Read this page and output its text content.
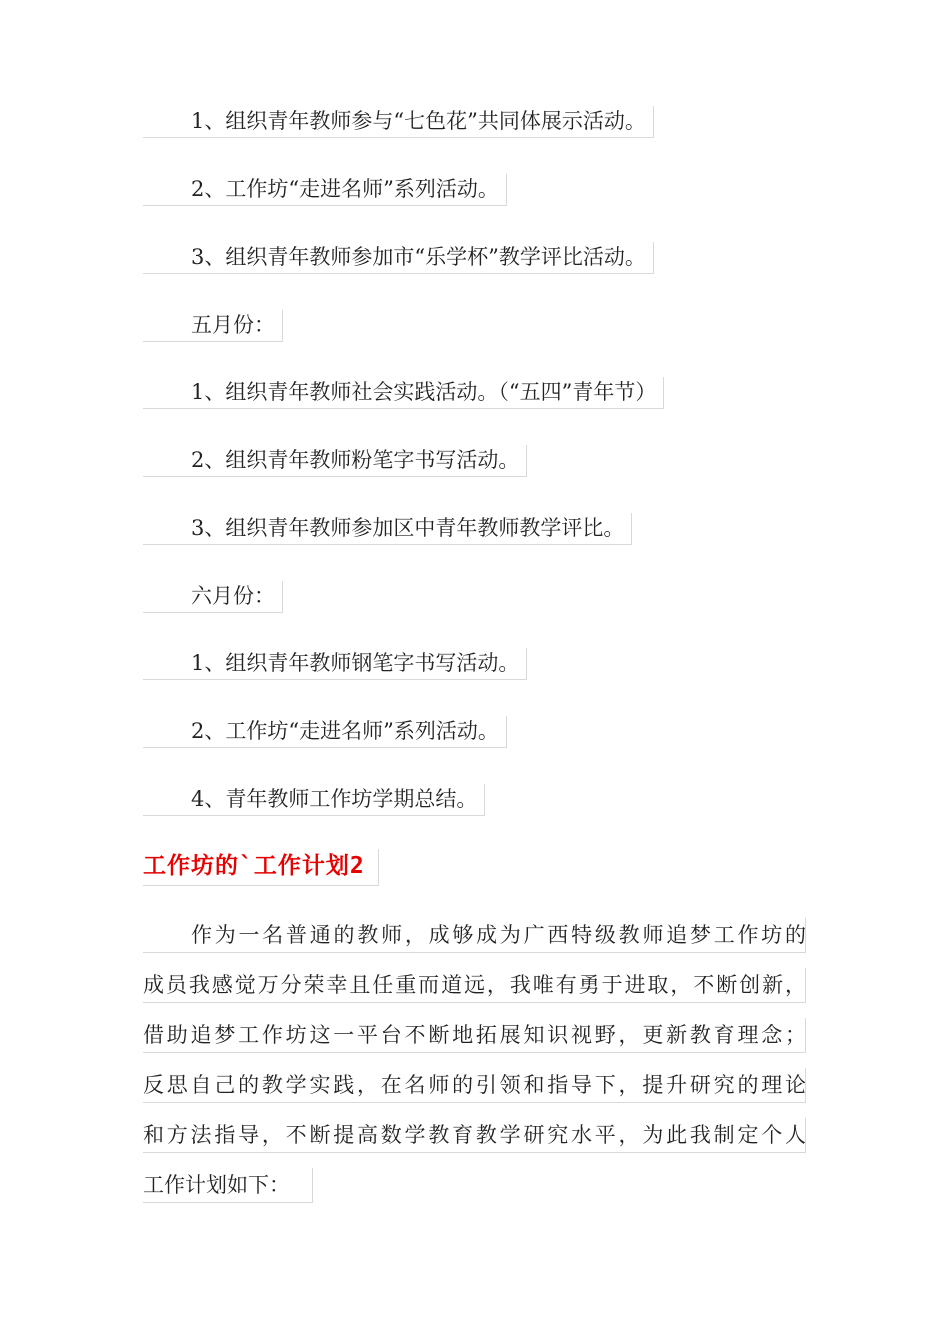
1、组织青年教师参与“七色花”共同体展示活动。
2、工作坊“走进名师”系列活动。
3、组织青年教师参加市“乐学杯”教学评比活动。
五月份：
1、组织青年教师社会实践活动。（“五四”青年节）
2、组织青年教师粉笔字书写活动。
3、组织青年教师参加区中青年教师教学评比。
六月份：
1、组织青年教师钢笔字书写活动。
2、工作坊“走进名师”系列活动。
4、青年教师工作坊学期总结。
工作坊的`工作计划2
作为一名普通的教师，成够成为广西特级教师追梦工作坊的
成员我感觉万分荣幸且任重而道远，我唯有勇于进取，不断创新，
借助追梦工作坊这一平台不断地拓展知识视野，更新教育理念；
反思自己的教学实践，在名师的引领和指导下，提升研究的理论
和方法指导，不断提高数学教育教学研究水平，为此我制定个人
工作计划如下：
